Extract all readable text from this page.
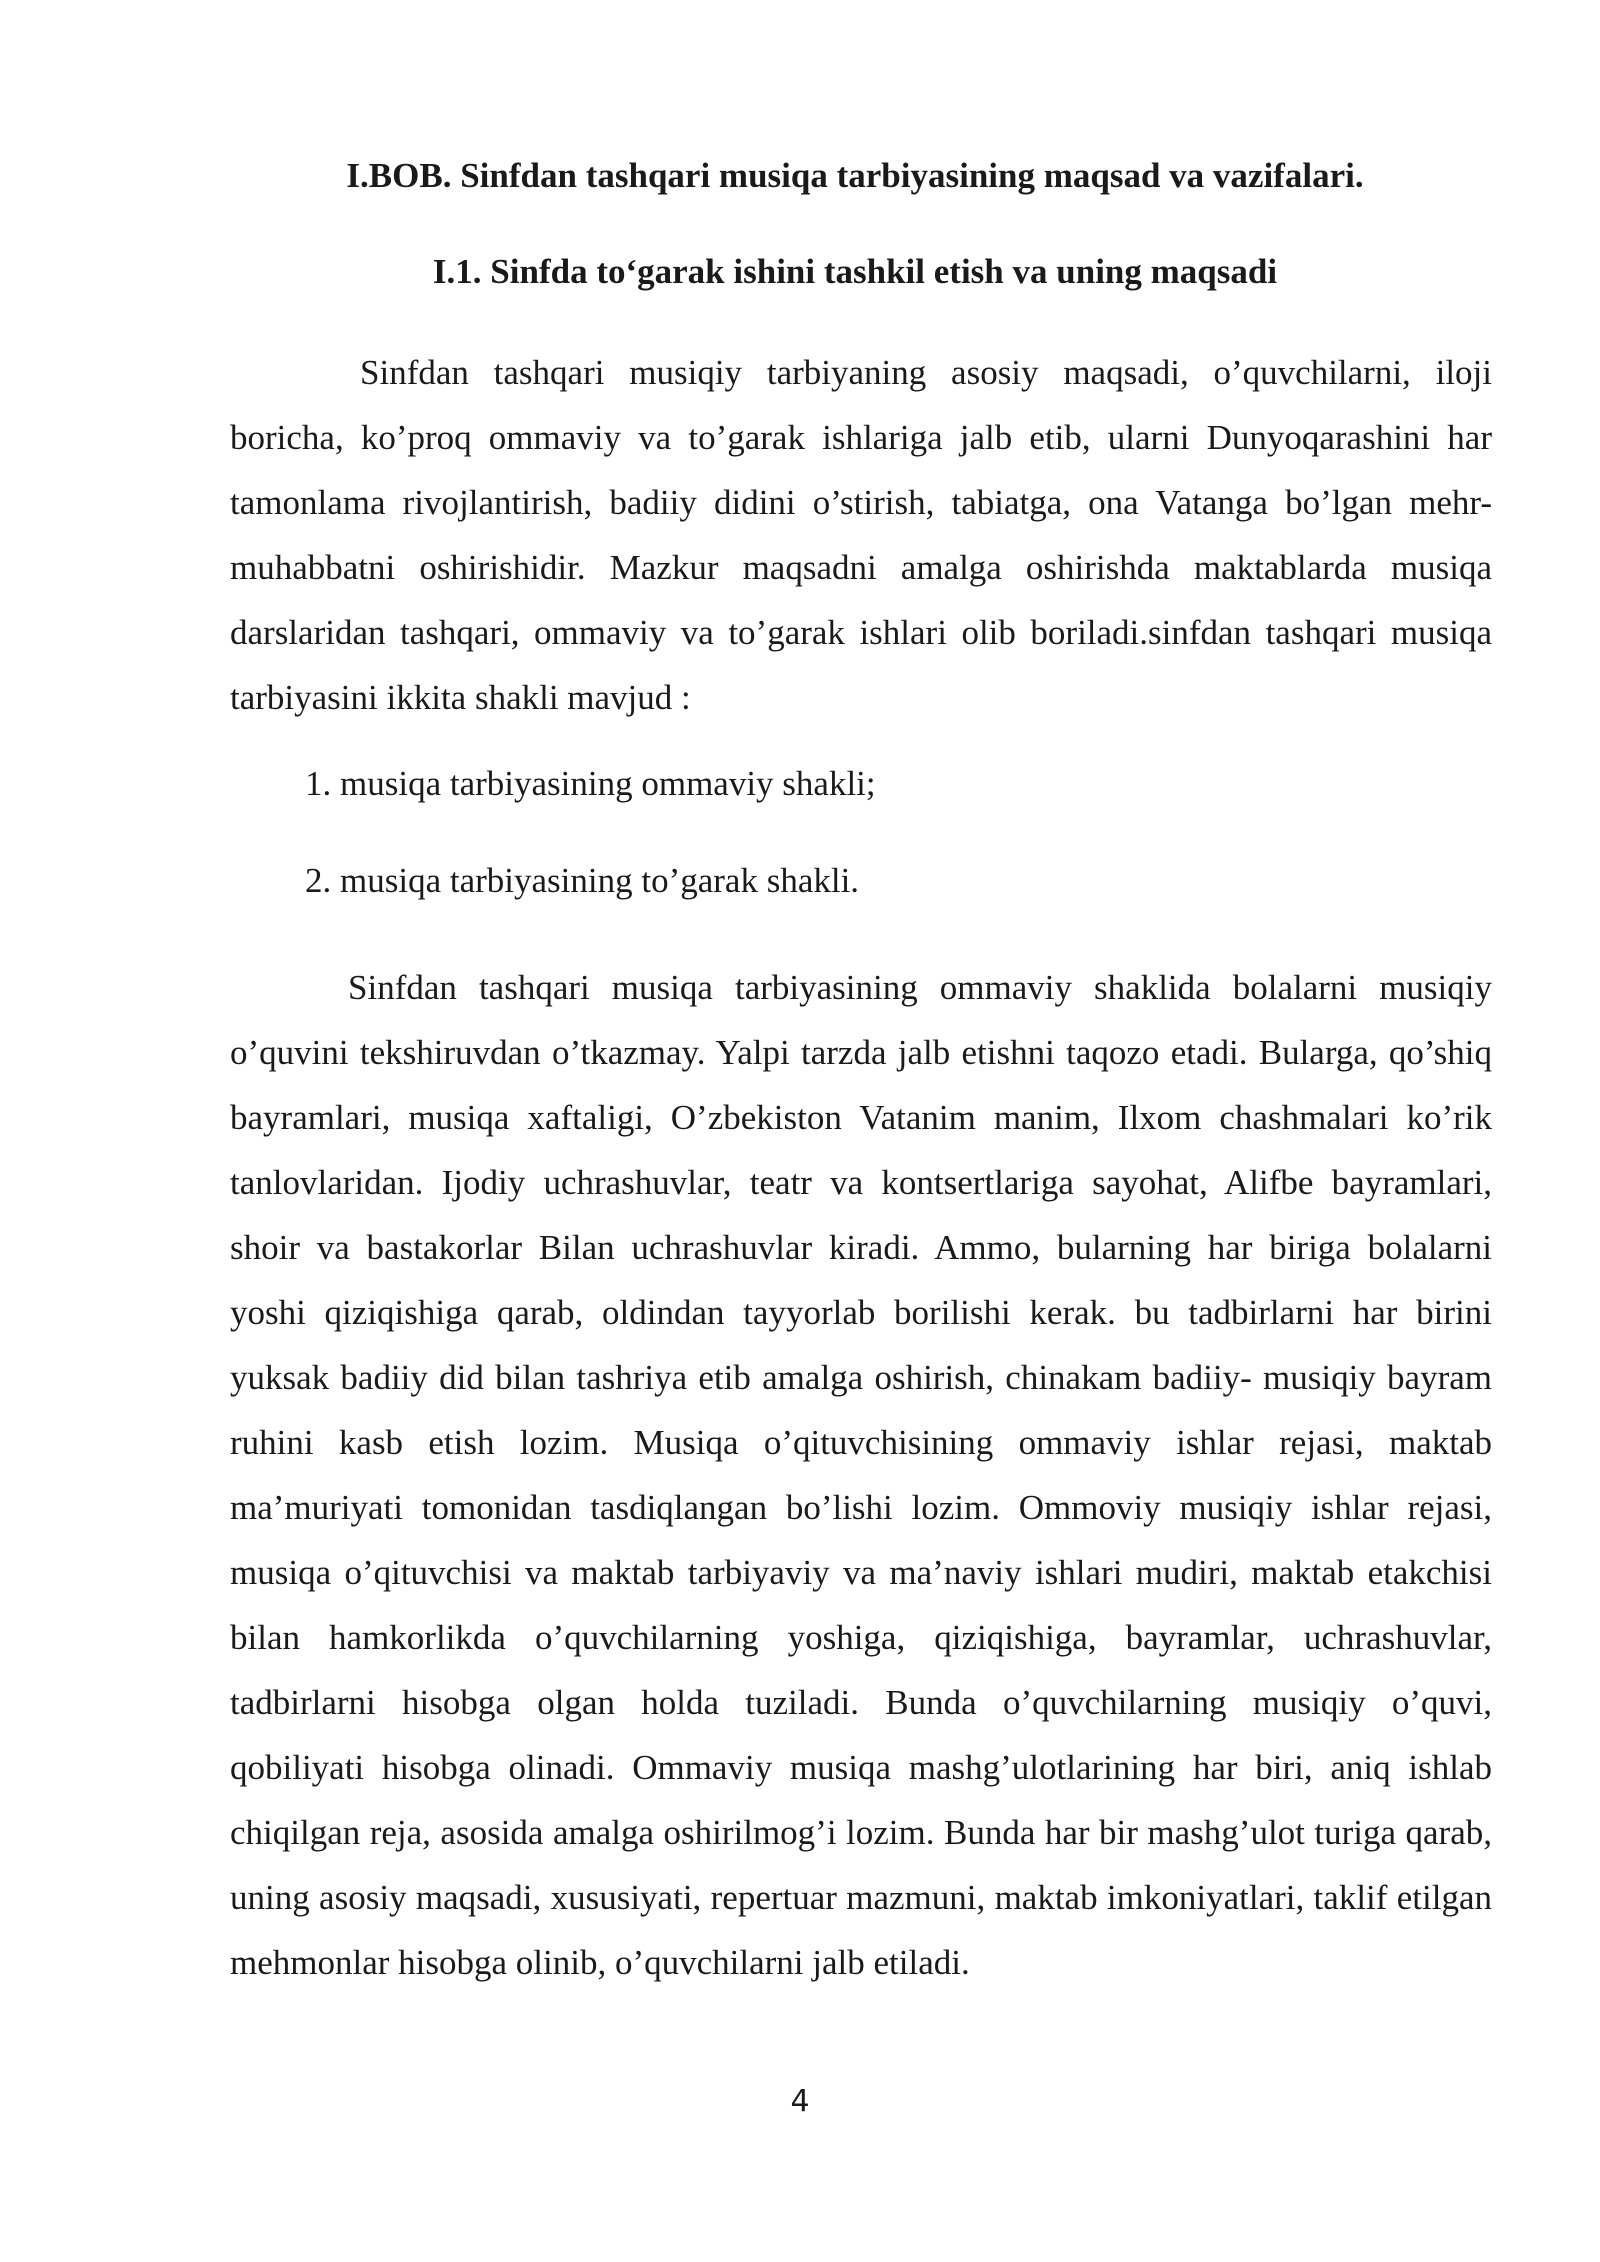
I.BOB. Sinfdan tashqari musiqa tarbiyasining maqsad va vazifalari.
I.1. Sinfda to‘garak ishini tashkil etish va uning maqsadi

Sinfdan tashqari musiqiy tarbiyaning asosiy maqsadi, o’quvchilarni, iloji boricha, ko’proq ommaviy va to’garak ishlariga jalb etib, ularni Dunyoqarashini har tamonlama rivojlantirish, badiiy didini o’stirish, tabiatga, ona Vatanga bo’lgan mehr- muhabbatni oshirishidir. Mazkur maqsadni amalga oshirishda maktablarda musiqa darslaridan tashqari, ommaviy va to’garak ishlari olib boriladi.sinfdan tashqari musiqa tarbiyasini ikkita shakli mavjud :

1. musiqa tarbiyasining ommaviy shakli;
2. musiqa tarbiyasining to’garak shakli.

Sinfdan tashqari musiqa tarbiyasining ommaviy shaklida bolalarni musiqiy o’quvini tekshiruvdan o’tkazmay. Yalpi tarzda jalb etishni taqozo etadi. Bularga, qo’shiq bayramlari, musiqa xaftaligi, O’zbekiston Vatanim manim, Ilxom chashmalari ko’rik tanlovlaridan. Ijodiy uchrashuvlar, teatr va kontsertlariga sayohat, Alifbe bayramlari, shoir va bastakorlar Bilan uchrashuvlar kiradi. Ammo, bularning har biriga bolalarni yoshi qiziqishiga qarab, oldindan tayyorlab borilishi kerak. bu tadbirlarni har birini yuksak badiiy did bilan tashriya etib amalga oshirish, chinakam badiiy- musiqiy bayram ruhini kasb etish lozim. Musiqa o’qituvchisining ommaviy ishlar rejasi, maktab ma’muriyati tomonidan tasdiqlangan bo’lishi lozim. Ommoviy musiqiy ishlar rejasi, musiqa o’qituvchisi va maktab tarbiyaviy va ma’naviy ishlari mudiri, maktab etakchisi bilan hamkorlikda o’quvchilarning yoshiga, qiziqishiga, bayramlar, uchrashuvlar, tadbirlarni hisobga olgan holda tuziladi. Bunda o’quvchilarning musiqiy o’quvi, qobiliyati hisobga olinadi. Ommaviy musiqa mashg’ulotlarining har biri, aniq ishlab chiqilgan reja, asosida amalga oshirilmog’i lozim. Bunda har bir mashg’ulot turiga qarab, uning asosiy maqsadi, xususiyati, repertuar mazmuni, maktab imkoniyatlari, taklif etilgan mehmonlar hisobga olinib, o’quvchilarni jalb etiladi.

4
